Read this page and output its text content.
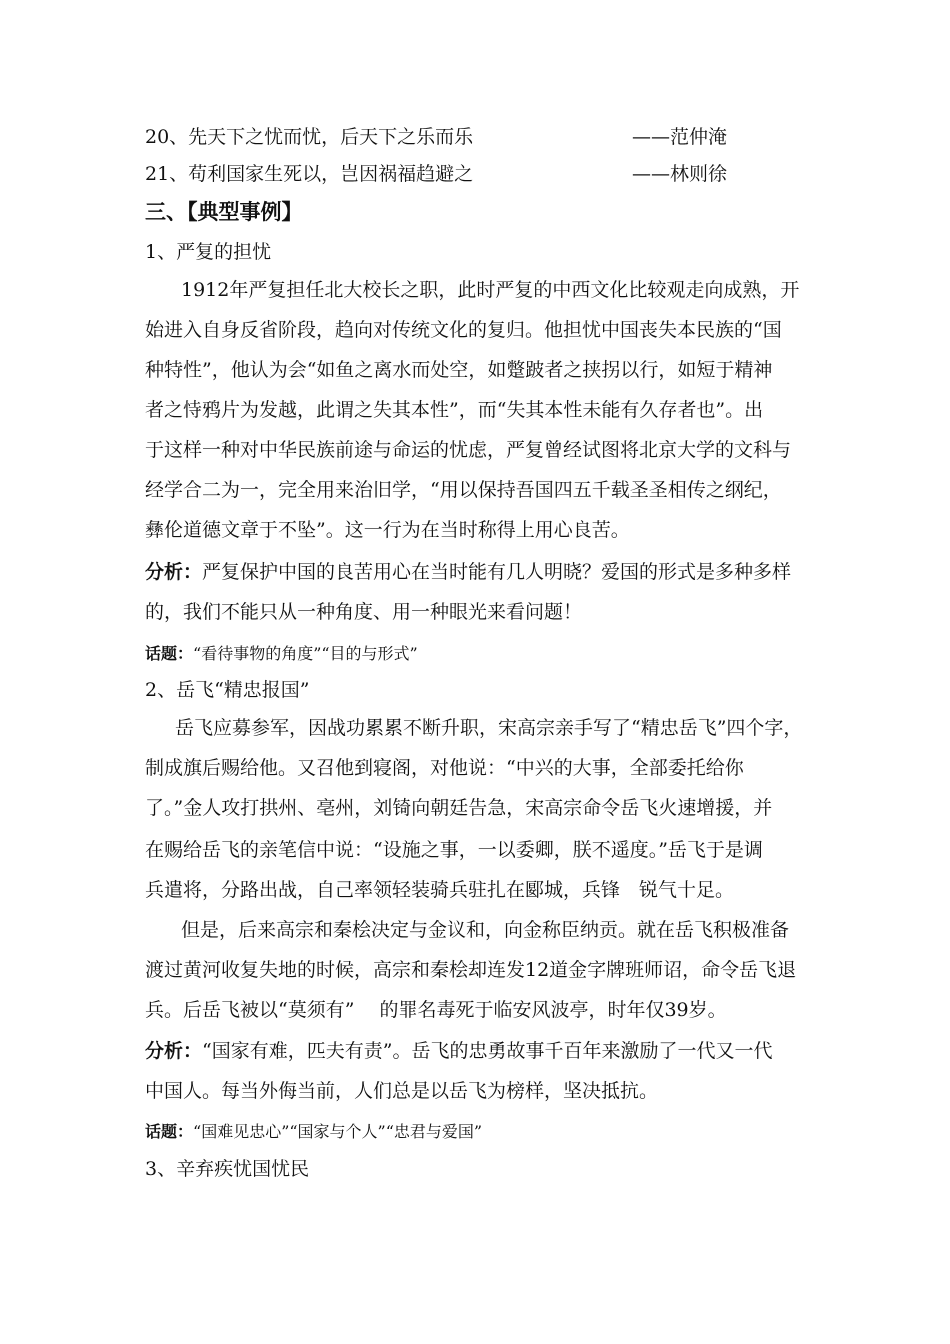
20、先天下之忧而忧，后天下之乐而乐	——范仲淹
21、苟利国家生死以，岂因祸福趋避之	——林则徐
三、【典型事例】
1、严复的担忧
1912年严复担任北大校长之职，此时严复的中西文化比较观走向成熟，开
始进入自身反省阶段，趋向对传统文化的复归。他担忧中国丧失本民族的“国
种特性”，他认为会“如鱼之离水而处空，如蹩跛者之挟拐以行，如短于精神
者之恃鸦片为发越，此谓之失其本性”，而“失其本性未能有久存者也”。出
于这样一种对中华民族前途与命运的忧虑，严复曾经试图将北京大学的文科与
经学合二为一，完全用来治旧学，“用以保持吾国四五千载圣圣相传之纲纪，
彝伦道德文章于不坠”。这一行为在当时称得上用心良苦。
分析：严复保护中国的良苦用心在当时能有几人明晓？爱国的形式是多种多样
的，我们不能只从一种角度、用一种眼光来看问题！
话题：“看待事物的角度”“目的与形式”
2、岳飞“精忠报国”
岳飞应募参军，因战功累累不断升职，宋高宗亲手写了“精忠岳飞”四个字，
制成旗后赐给他。又召他到寝阁，对他说：“中兴的大事，全部委托给你
了。”金人攻打拱州、亳州，刘锜向朝廷告急，宋高宗命令岳飞火速增援，并
在赐给岳飞的亲笔信中说：“设施之事，一以委卿，朕不遥度。”岳飞于是调
兵遣将，分路出战，自己率领轻装骑兵驻扎在郾城，兵锋　锐气十足。
但是，后来高宗和秦桧决定与金议和，向金称臣纳贡。就在岳飞积极准备
渡过黄河收复失地的时候，高宗和秦桧却连发12道金字牌班师诏，命令岳飞退
兵。后岳飞被以“莫须有”　 的罪名毒死于临安风波亭，时年仅39岁。
分析：“国家有难，匹夫有责”。岳飞的忠勇故事千百年来激励了一代又一代
中国人。每当外侮当前，人们总是以岳飞为榜样，坚决抵抗。
话题：“国难见忠心”“国家与个人”“忠君与爱国”
3、辛弃疾忧国忧民
